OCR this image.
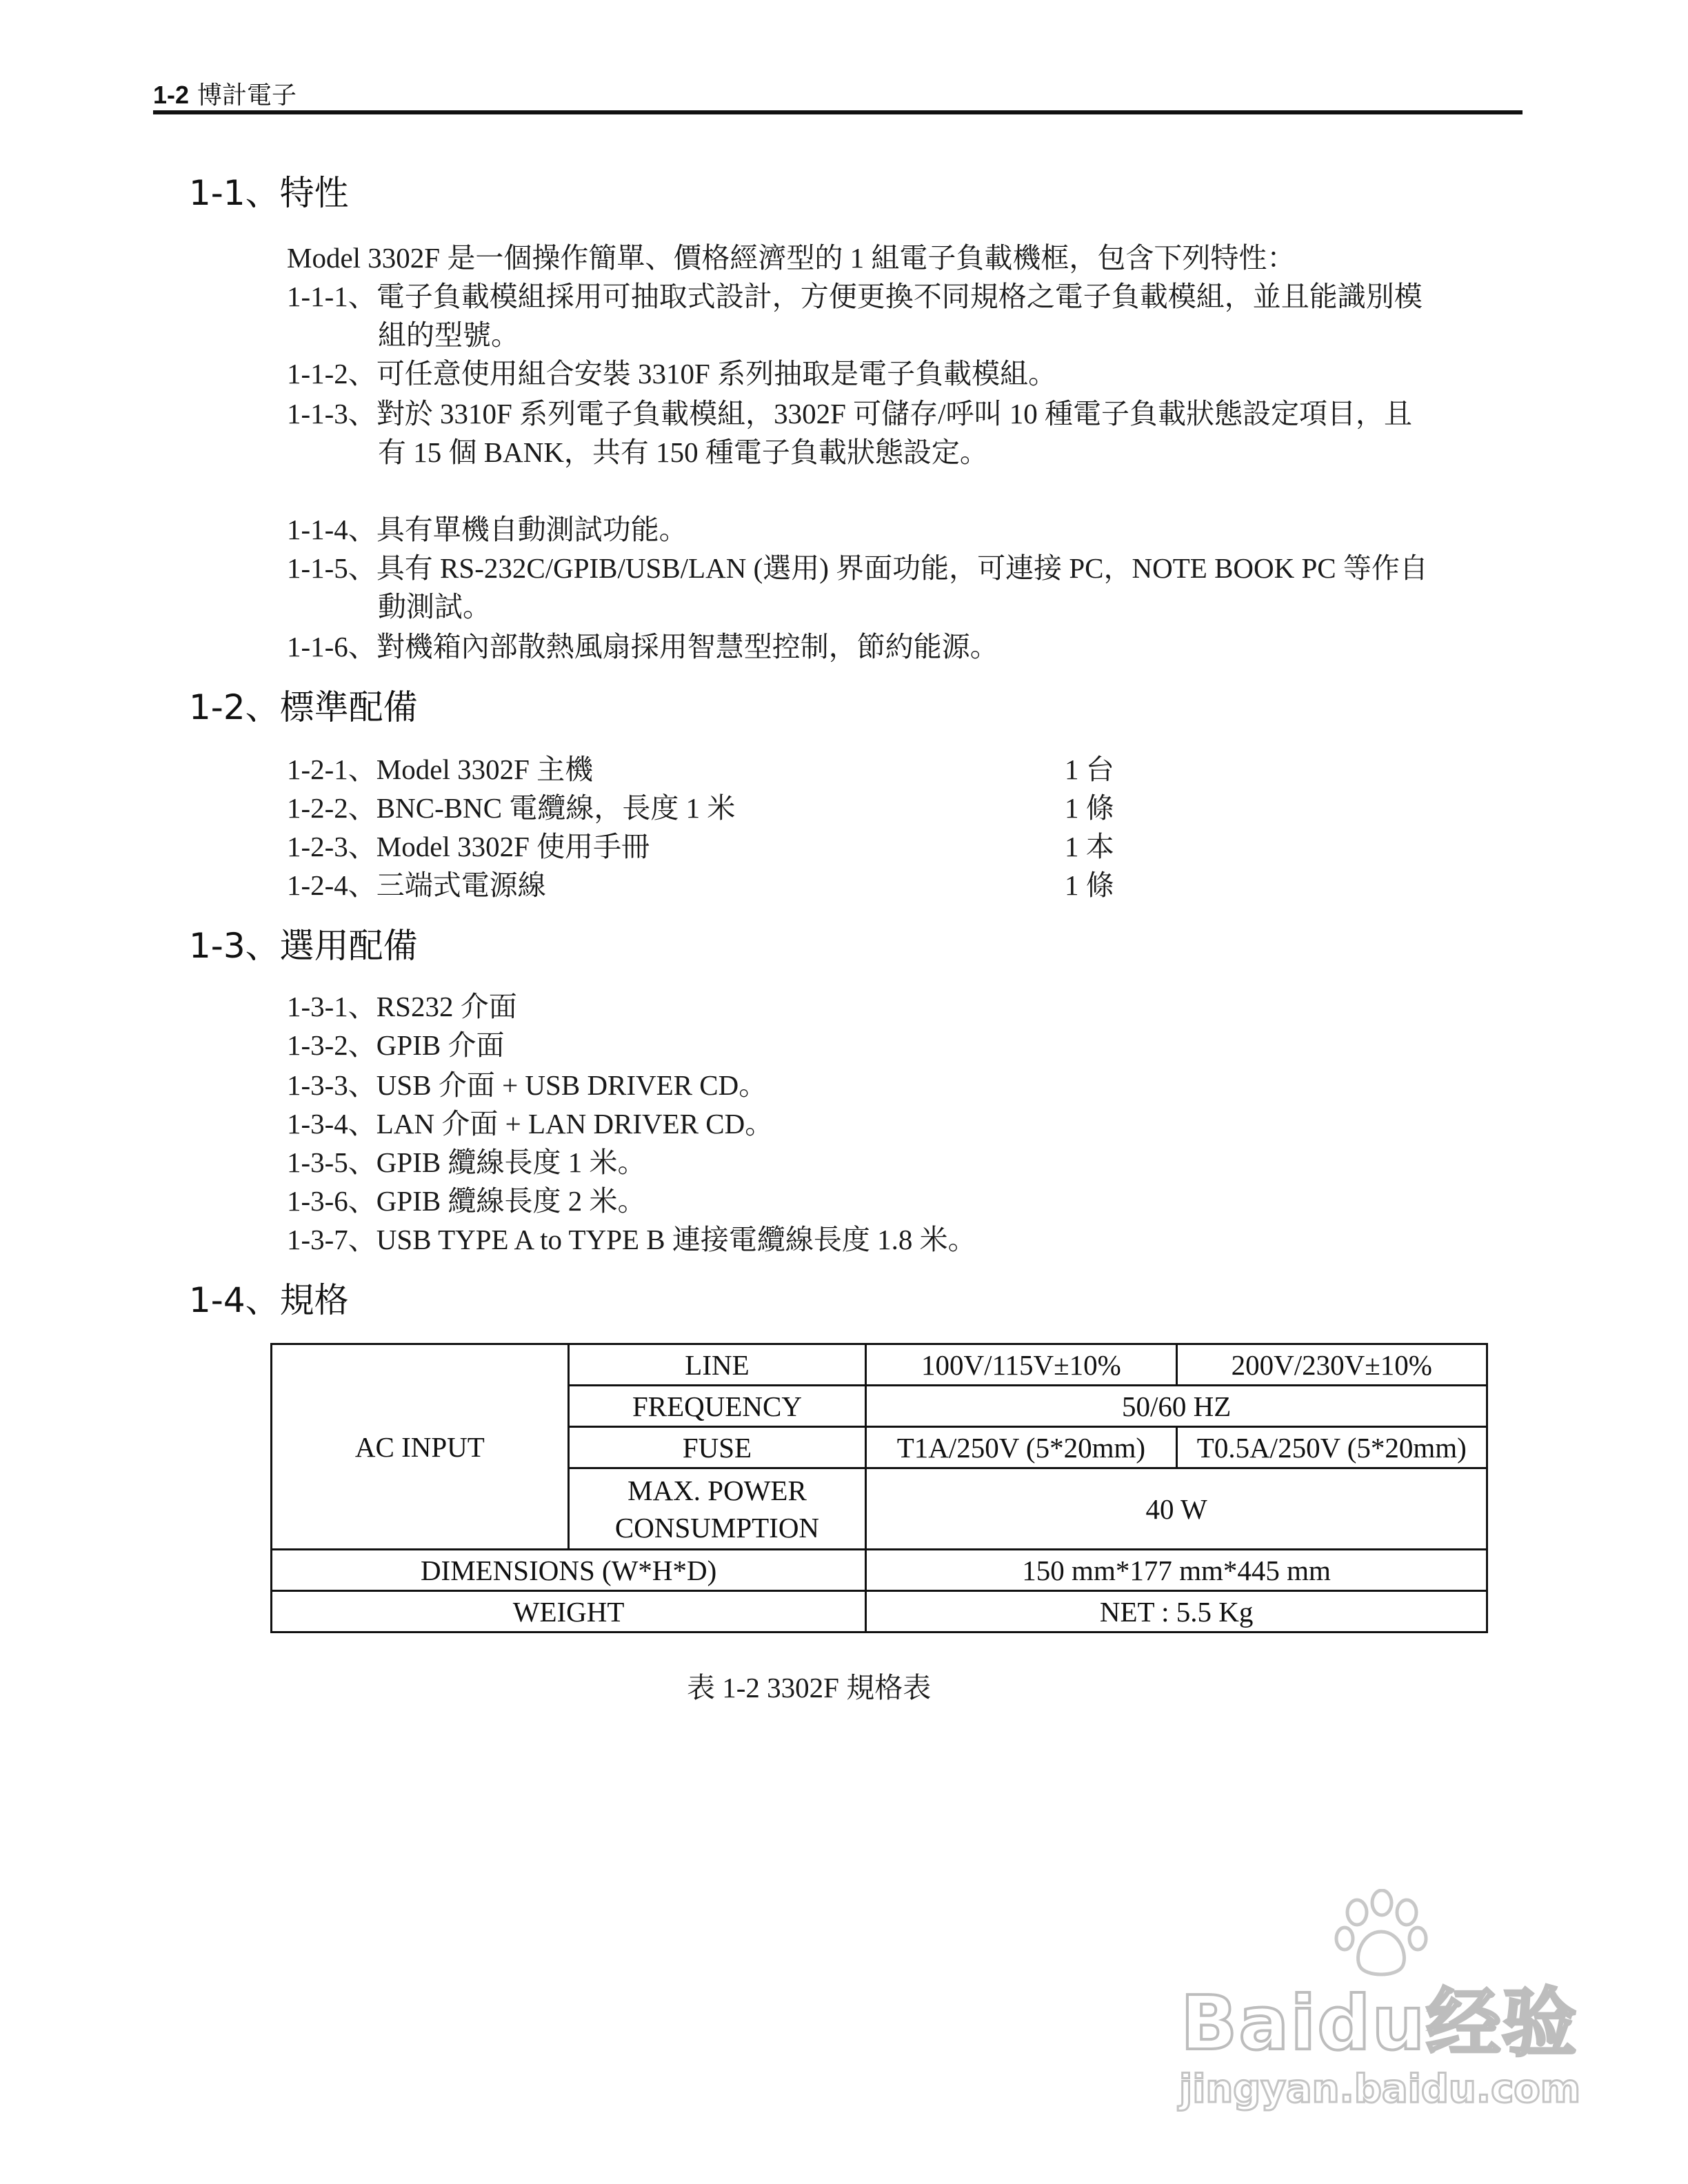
1-2 博計電子
1-1、特性
Model 3302F 是一個操作簡單、價格經濟型的 1 組電子負載機框，包含下列特性：
1-1-1、電子負載模組採用可抽取式設計，方便更換不同規格之電子負載模組，並且能識別模
組的型號。
1-1-2、可任意使用組合安裝 3310F 系列抽取是電子負載模組。
1-1-3、對於 3310F 系列電子負載模組，3302F 可儲存/呼叫 10 種電子負載狀態設定項目，且
有 15 個 BANK，共有 150 種電子負載狀態設定。
1-1-4、具有單機自動測試功能。
1-1-5、具有 RS-232C/GPIB/USB/LAN (選用) 界面功能，可連接 PC，NOTE BOOK PC 等作自
動測試。
1-1-6、對機箱內部散熱風扇採用智慧型控制，節約能源。
1-2、標準配備
1-2-1、Model 3302F 主機	1 台
1-2-2、BNC-BNC 電纜線，長度 1 米	1 條
1-2-3、Model 3302F 使用手冊	1 本
1-2-4、三端式電源線	1 條
1-3、選用配備
1-3-1、RS232 介面
1-3-2、GPIB 介面
1-3-3、USB 介面 + USB DRIVER CD。
1-3-4、LAN 介面 + LAN DRIVER CD。
1-3-5、GPIB 纜線長度 1 米。
1-3-6、GPIB 纜線長度 2 米。
1-3-7、USB TYPE A to TYPE B 連接電纜線長度 1.8 米。
1-4、規格
AC INPUT	LINE	100V/115V±10%	200V/230V±10%
	FREQUENCY	50/60 HZ	
	FUSE	T1A/250V (5*20mm)	T0.5A/250V (5*20mm)

	MAX. POWER
CONSUMPTION	40 W	
DIMENSIONS (W*H*D)		150 mm*177 mm*445 mm	
WEIGHT		NET : 5.5 Kg	
表 1-2 3302F 規格表
Baidu经验
jingyan.baidu.com
